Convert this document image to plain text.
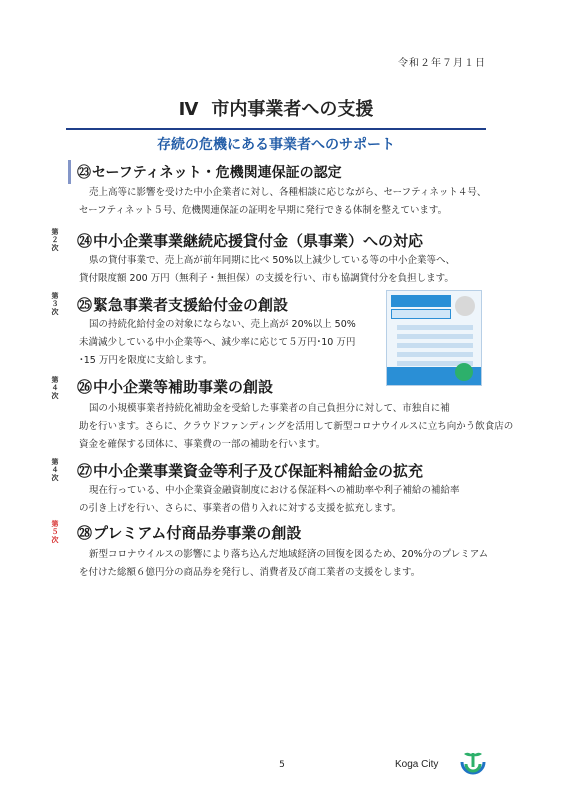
令和２年７月１日
Ⅳ 市内事業者への支援
存続の危機にある事業者へのサポート
㉓セーフティネット・危機関連保証の認定
売上高等に影響を受けた中小企業者に対し、各種相談に応じながら、セーフティネット４号、
セーフティネット５号、危機関連保証の証明を早期に発行できる体制を整えています。
第２次 ㉔中小企業事業継続応援貸付金（県事業）への対応
県の貸付事業で、売上高が前年同期に比べ 50%以上減少している等の中小企業等へ、
貸付限度額 200 万円（無利子・無担保）の支援を行い、市も協調貸付分を負担します。
第３次 ㉕緊急事業者支援給付金の創設
国の持続化給付金の対象にならない、売上高が 20%以上 50%
未満減少している中小企業等へ、減少率に応じて５万円･10 万円
･15 万円を限度に支給します。
第４次 ㉖中小企業等補助事業の創設
国の小規模事業者持続化補助金を受給した事業者の自己負担分に対して、市独自に補
助を行います。さらに、クラウドファンディングを活用して新型コロナウイルスに立ち向かう飲食店の
資金を確保する団体に、事業費の一部の補助を行います。
第４次 ㉗中小企業事業資金等利子及び保証料補給金の拡充
現在行っている、中小企業資金融資制度における保証料への補助率や利子補給の補給率
の引き上げを行い、さらに、事業者の借り入れに対する支援を拡充します。
第５次 ㉘プレミアム付商品券事業の創設
新型コロナウイルスの影響により落ち込んだ地域経済の回復を図るため、20%分のプレミアム
を付けた総額６億円分の商品券を発行し、消費者及び商工業者の支援をします。
5	Koga City
